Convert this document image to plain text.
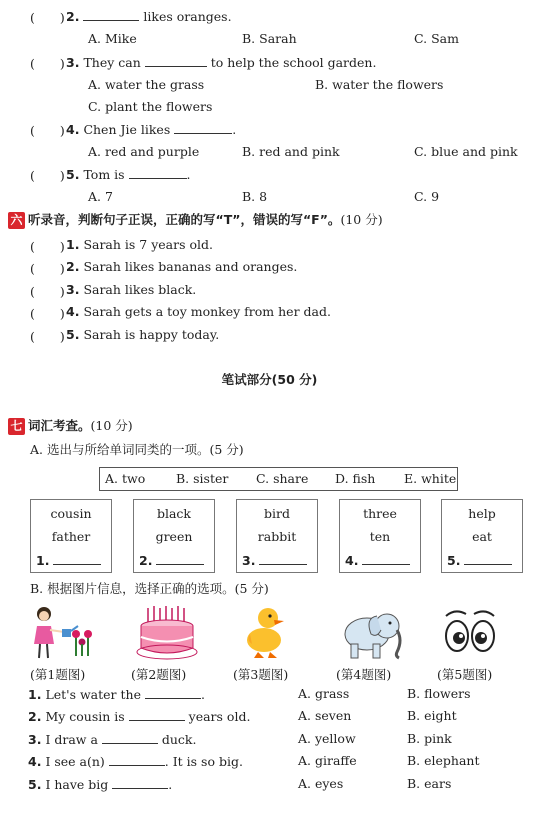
(　　) 2.	likes oranges.
A. Mike	B. Sarah	C. Sam
(　　) 3. They can	to help the school garden.
A. water the grass	B. water the flowers
C. plant the flowers
(　　) 4. Chen Jie likes	.
A. red and purple	B. red and pink	C. blue and pink
(　　) 5. Tom is	.
A. 7	B. 8	C. 9
六 听录音，判断句子正误，正确的写“T”，错误的写“F”。(10 分)
(　　) 1. Sarah is 7 years old.
(　　) 2. Sarah likes bananas and oranges.
(　　) 3. Sarah likes black.
(　　) 4. Sarah gets a toy monkey from her dad.
(　　) 5. Sarah is happy today.
笔试部分(50 分)
七 词汇考查。(10 分)
A. 选出与所给单词同类的一项。(5 分)
A. two B. sister C. share D. fish E. white
cousin
father
1.
black
green
2.
bird
rabbit
3.
three
ten
4.
help
eat
5.
B. 根据图片信息，选择正确的选项。(5 分)
(第1题图)	(第2题图)	(第3题图)	(第4题图)	(第5题图)
1. Let's water the	.	A. grass	B. flowers
2. My cousin is	years old.	A. seven	B. eight
3. I draw a	duck.	A. yellow	B. pink
4. I see a(n)	. It is so big.	A. giraffe	B. elephant
5. I have big	.	A. eyes	B. ears
